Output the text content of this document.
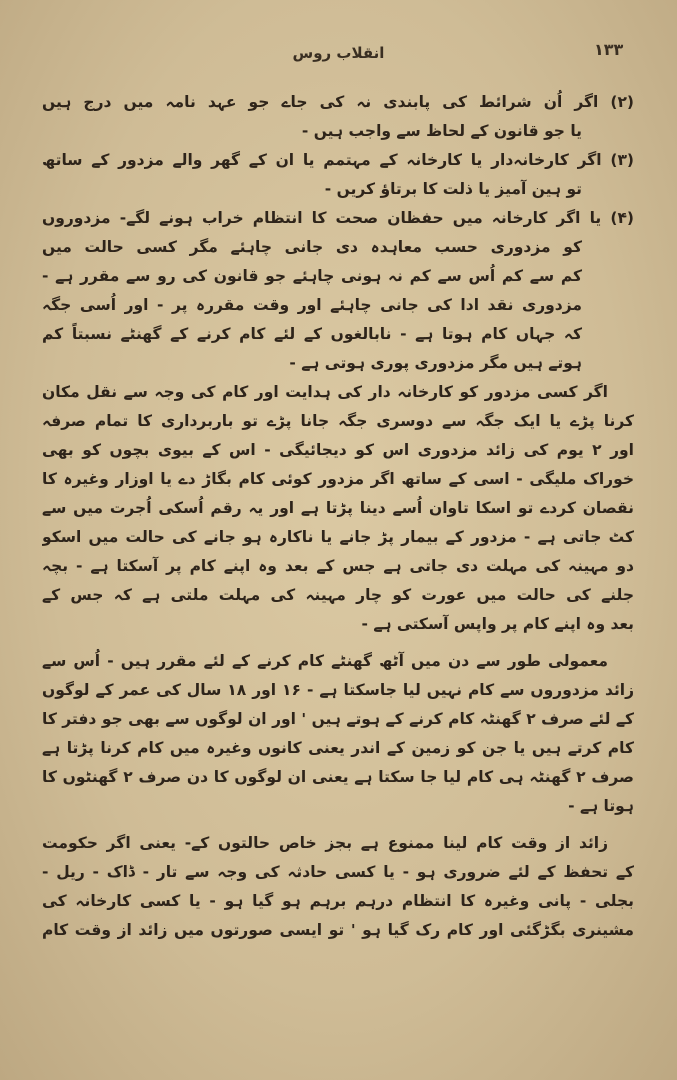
انقلاب روس	۱۳۳
(۲) اگر اُن شرائط کی پابندی نہ کی جاے جو عہد نامہ میں درج ہیں
یا جو قانون کے لحاظ سے واجب ہیں -
(۳) اگر کارخانہ‌دار یا کارخانہ کے مہتمم یا ان کے گھر والے مزدور کے ساتھ
تو ہین آمیز یا ذلت کا برتاؤ کریں -
(۴) یا اگر کارخانہ میں حفظان صحت کا انتظام خراب ہونے لگے- مزدوروں
کو مزدوری حسب معاہدہ دی جانی چاہئے مگر کسی حالت میں
کم سے کم اُس سے کم نہ ہونی چاہئے جو قانون کی رو سے مقرر ہے -
مزدوری نقد ادا کی جانی چاہئے اور وقت مقررہ پر - اور اُسی جگہ
کہ جہاں کام ہوتا ہے - نابالغوں کے لئے کام کرنے کے گھنٹے نسبتاً کم
ہوتے ہیں مگر مزدوری پوری ہوتی ہے -
اگر کسی مزدور کو کارخانہ دار کی ہدایت اور کام کی وجہ سے نقل مکان
کرنا پڑے یا ایک جگہ سے دوسری جگہ جانا پڑے تو باربرداری کا تمام صرفہ
اور ۲ یوم کی زائد مزدوری اس کو دیجائیگی - اس کے بیوی بچوں کو بھی
خوراک ملیگی - اسی کے ساتھ اگر مزدور کوئی کام بگاڑ دے یا اوزار وغیرہ کا
نقصان کردے تو اسکا تاوان اُسے دینا پڑتا ہے اور یہ رقم اُسکی اُجرت میں سے
کٹ جاتی ہے - مزدور کے بیمار پڑ جانے یا ناکارہ ہو جانے کی حالت میں اسکو
دو مہینہ کی مہلت دی جاتی ہے جس کے بعد وہ اپنے کام پر آسکتا ہے - بچہ
جلنے کی حالت میں عورت کو چار مہینہ کی مہلت ملتی ہے کہ جس کے
بعد وہ اپنے کام پر واپس آسکتی ہے -
معمولی طور سے دن میں آٹھ گھنٹے کام کرنے کے لئے مقرر ہیں - اُس سے
زائد مزدوروں سے کام نہیں لیا جاسکتا ہے - ۱۶ اور ۱۸ سال کی عمر کے لوگوں
کے لئے صرف ۲ گھنٹہ کام کرنے کے ہوتے ہیں ' اور ان لوگوں سے بھی جو دفتر کا
کام کرتے ہیں یا جن کو زمین کے اندر یعنی کانوں وغیرہ میں کام کرنا پڑتا ہے
صرف ۲ گھنٹہ ہی کام لیا جا سکتا ہے یعنی ان لوگوں کا دن صرف ۲ گھنٹوں کا
ہوتا ہے -
زائد از وقت کام لینا ممنوع ہے بجز خاص حالتوں کے- یعنی اگر حکومت
کے تحفظ کے لئے ضروری ہو - یا کسی حادثہ کی وجہ سے تار - ڈاک - ریل -
بجلی - پانی وغیرہ کا انتظام درہم برہم ہو گیا ہو - یا کسی کارخانہ کی
مشینری بگڑگئی اور کام رک گیا ہو ' تو ایسی صورتوں میں زائد از وقت کام
